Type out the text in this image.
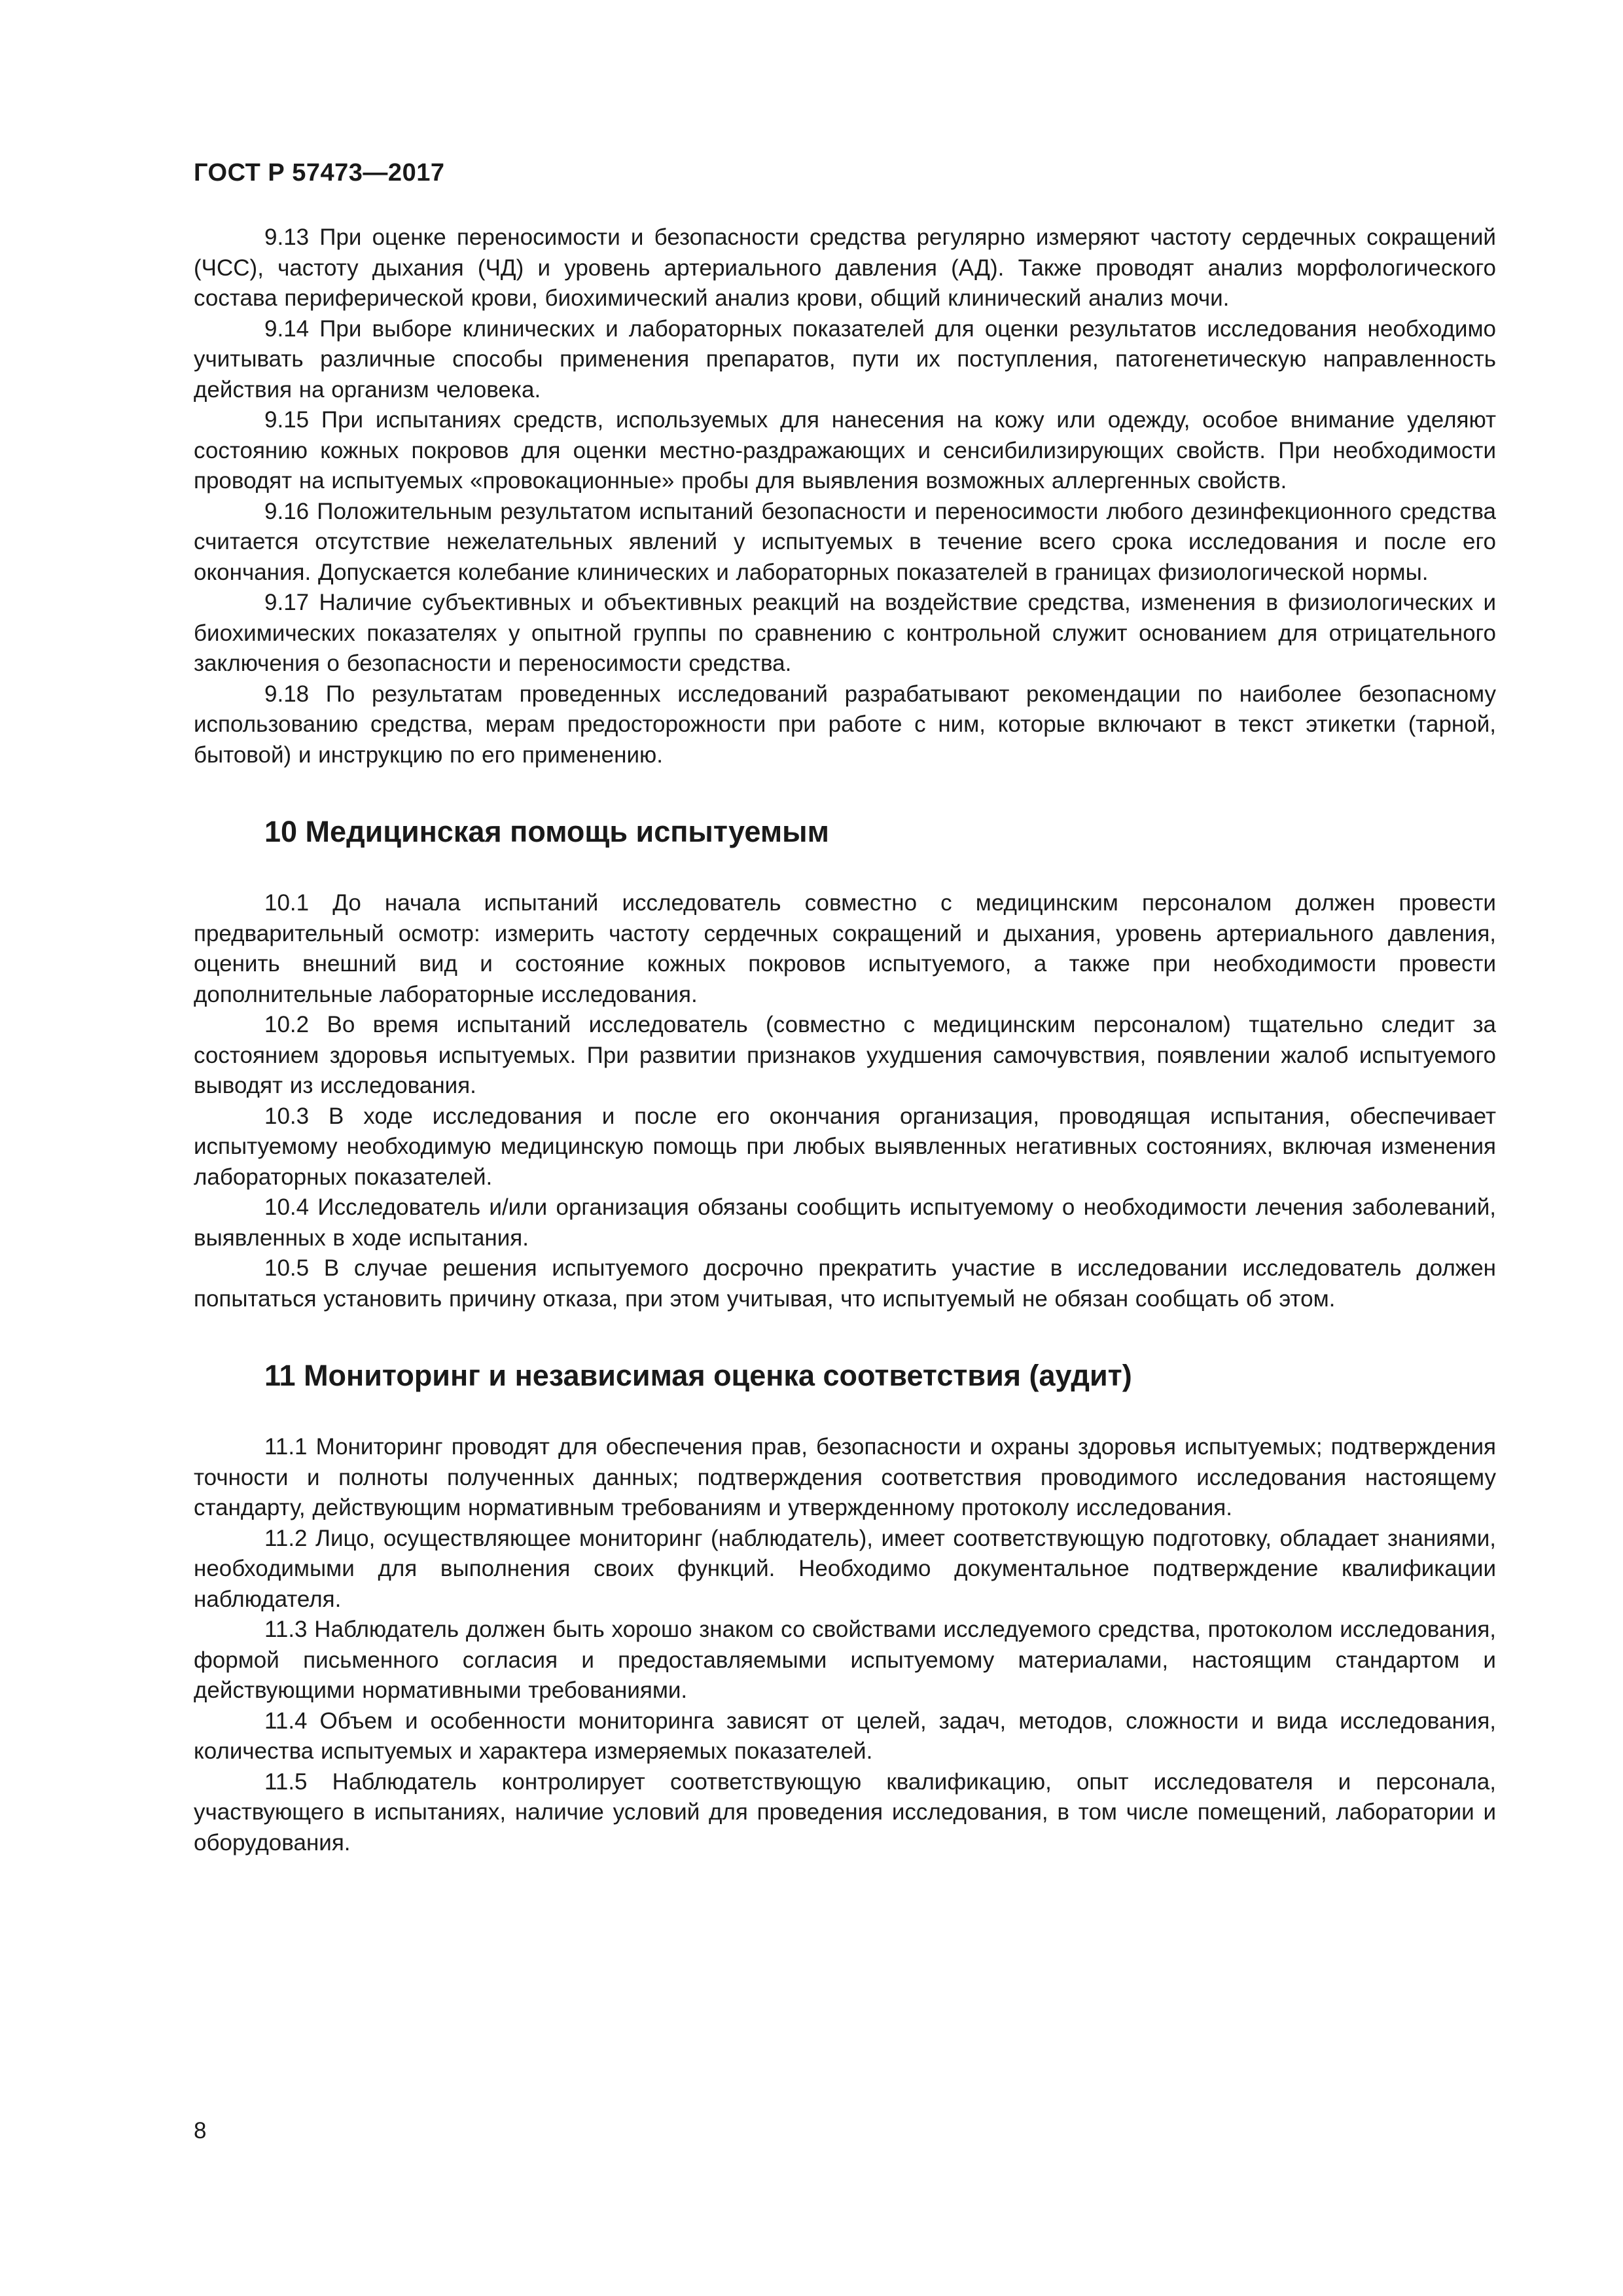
ГОСТ Р 57473—2017

9.13 При оценке переносимости и безопасности средства регулярно измеряют частоту сердечных сокращений (ЧСС), частоту дыхания (ЧД) и уровень артериального давления (АД). Также проводят анализ морфологического состава периферической крови, биохимический анализ крови, общий клинический анализ мочи.

9.14 При выборе клинических и лабораторных показателей для оценки результатов исследования необходимо учитывать различные способы применения препаратов, пути их поступления, патогенетическую направленность действия на организм человека.

9.15 При испытаниях средств, используемых для нанесения на кожу или одежду, особое внимание уделяют состоянию кожных покровов для оценки местно-раздражающих и сенсибилизирующих свойств. При необходимости проводят на испытуемых «провокационные» пробы для выявления возможных аллергенных свойств.

9.16 Положительным результатом испытаний безопасности и переносимости любого дезинфекционного средства считается отсутствие нежелательных явлений у испытуемых в течение всего срока исследования и после его окончания. Допускается колебание клинических и лабораторных показателей в границах физиологической нормы.

9.17 Наличие субъективных и объективных реакций на воздействие средства, изменения в физиологических и биохимических показателях у опытной группы по сравнению с контрольной служит основанием для отрицательного заключения о безопасности и переносимости средства.

9.18 По результатам проведенных исследований разрабатывают рекомендации по наиболее безопасному использованию средства, мерам предосторожности при работе с ним, которые включают в текст этикетки (тарной, бытовой) и инструкцию по его применению.

10 Медицинская помощь испытуемым

10.1 До начала испытаний исследователь совместно с медицинским персоналом должен провести предварительный осмотр: измерить частоту сердечных сокращений и дыхания, уровень артериального давления, оценить внешний вид и состояние кожных покровов испытуемого, а также при необходимости провести дополнительные лабораторные исследования.

10.2 Во время испытаний исследователь (совместно с медицинским персоналом) тщательно следит за состоянием здоровья испытуемых. При развитии признаков ухудшения самочувствия, появлении жалоб испытуемого выводят из исследования.

10.3 В ходе исследования и после его окончания организация, проводящая испытания, обеспечивает испытуемому необходимую медицинскую помощь при любых выявленных негативных состояниях, включая изменения лабораторных показателей.

10.4 Исследователь и/или организация обязаны сообщить испытуемому о необходимости лечения заболеваний, выявленных в ходе испытания.

10.5 В случае решения испытуемого досрочно прекратить участие в исследовании исследователь должен попытаться установить причину отказа, при этом учитывая, что испытуемый не обязан сообщать об этом.

11 Мониторинг и независимая оценка соответствия (аудит)

11.1 Мониторинг проводят для обеспечения прав, безопасности и охраны здоровья испытуемых; подтверждения точности и полноты полученных данных; подтверждения соответствия проводимого исследования настоящему стандарту, действующим нормативным требованиям и утвержденному протоколу исследования.

11.2 Лицо, осуществляющее мониторинг (наблюдатель), имеет соответствующую подготовку, обладает знаниями, необходимыми для выполнения своих функций. Необходимо документальное подтверждение квалификации наблюдателя.

11.3 Наблюдатель должен быть хорошо знаком со свойствами исследуемого средства, протоколом исследования, формой письменного согласия и предоставляемыми испытуемому материалами, настоящим стандартом и действующими нормативными требованиями.

11.4 Объем и особенности мониторинга зависят от целей, задач, методов, сложности и вида исследования, количества испытуемых и характера измеряемых показателей.

11.5 Наблюдатель контролирует соответствующую квалификацию, опыт исследователя и персонала, участвующего в испытаниях, наличие условий для проведения исследования, в том числе помещений, лаборатории и оборудования.

8
